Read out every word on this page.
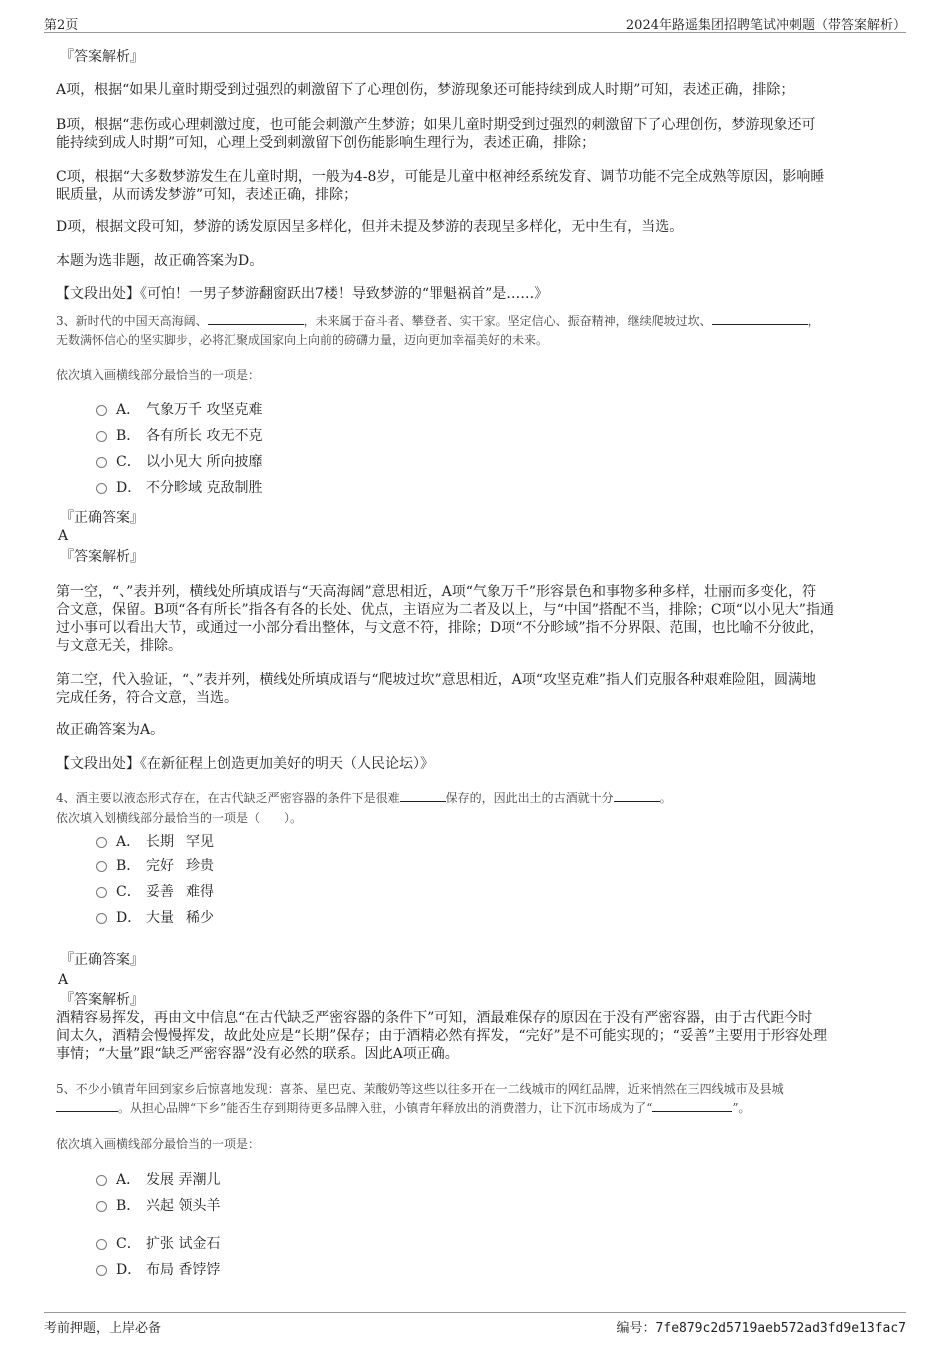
第2页	2024年路遥集团招聘笔试冲刺题（带答案解析）
『答案解析』
A项，根据“如果儿童时期受到过强烈的刺激留下了心理创伤，梦游现象还可能持续到成人时期”可知，表述正确，排除；
B项，根据“悲伤或心理刺激过度，也可能会刺激产生梦游；如果儿童时期受到过强烈的刺激留下了心理创伤，梦游现象还可
能持续到成人时期”可知，心理上受到刺激留下创伤能影响生理行为，表述正确，排除；
C项，根据“大多数梦游发生在儿童时期，一般为4-8岁，可能是儿童中枢神经系统发育、调节功能不完全成熟等原因，影响睡
眠质量，从而诱发梦游”可知，表述正确，排除；
D项，根据文段可知，梦游的诱发原因呈多样化，但并未提及梦游的表现呈多样化，无中生有，当选。
本题为选非题，故正确答案为D。
【文段出处】《可怕！一男子梦游翻窗跃出7楼！导致梦游的“罪魁祸首”是……》
3、新时代的中国天高海阔、	，未来属于奋斗者、攀登者、实干家。坚定信心、振奋精神，继续爬坡过坎、	，
无数满怀信心的坚实脚步，必将汇聚成国家向上向前的磅礴力量，迈向更加幸福美好的未来。
依次填入画横线部分最恰当的一项是：
A． 气象万千 攻坚克难
B． 各有所长 攻无不克
C． 以小见大 所向披靡
D． 不分畛域 克敌制胜
『正确答案』
A
『答案解析』
第一空，“、”表并列，横线处所填成语与“天高海阔”意思相近，A项“气象万千”形容景色和事物多种多样，壮丽而多变化，符
合文意，保留。B项“各有所长”指各有各的长处、优点，主语应为二者及以上，与“中国”搭配不当，排除；C项“以小见大”指通
过小事可以看出大节，或通过一小部分看出整体，与文意不符，排除；D项“不分畛域”指不分界限、范围，也比喻不分彼此，
与文意无关，排除。
第二空，代入验证，“、”表并列，横线处所填成语与“爬坡过坎”意思相近，A项“攻坚克难”指人们克服各种艰难险阻，圆满地
完成任务，符合文意，当选。
故正确答案为A。
【文段出处】《在新征程上创造更加美好的明天（人民论坛）》
4、酒主要以液态形式存在，在古代缺乏严密容器的条件下是很难	保存的，因此出土的古酒就十分	。
依次填入划横线部分最恰当的一项是（　　）。
A． 长期 罕见
B． 完好 珍贵
C． 妥善 难得
D． 大量 稀少
『正确答案』
A
『答案解析』
酒精容易挥发，再由文中信息“在古代缺乏严密容器的条件下”可知，酒最难保存的原因在于没有严密容器，由于古代距今时
间太久，酒精会慢慢挥发，故此处应是“长期”保存；由于酒精必然有挥发，“完好”是不可能实现的；“妥善”主要用于形容处理
事情；“大量”跟“缺乏严密容器”没有必然的联系。因此A项正确。
5、不少小镇青年回到家乡后惊喜地发现：喜茶、星巴克、茉酸奶等这些以往多开在一二线城市的网红品牌，近来悄然在三四线城市及县城
。从担心品牌“下乡”能否生存到期待更多品牌入驻，小镇青年释放出的消费潜力，让下沉市场成为了“	”。
依次填入画横线部分最恰当的一项是：
A． 发展 弄潮儿
B． 兴起 领头羊
C． 扩张 试金石
D． 布局 香饽饽
考前押题，上岸必备	编号：7fe879c2d5719aeb572ad3fd9e13fac7
